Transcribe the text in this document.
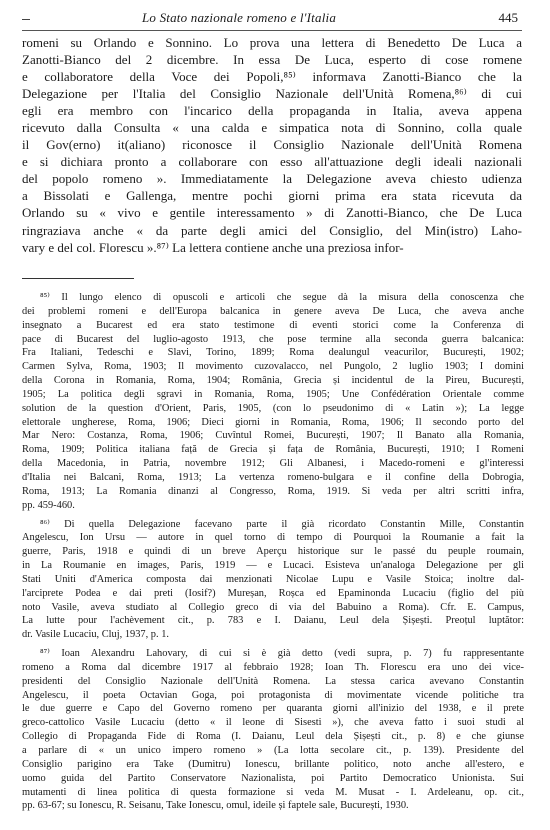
Lo Stato nazionale romeno e l'Italia	445
romeni su Orlando e Sonnino. Lo prova una lettera di Benedetto De Luca a
Zanotti-Bianco del 2 dicembre. In essa De Luca, esperto di cose romene
e collaboratore della Voce dei Popoli,⁸⁵⁾ informava Zanotti-Bianco che la
Delegazione per l'Italia del Consiglio Nazionale dell'Unità Romena,⁸⁶⁾ di cui
egli era membro con l'incarico della propaganda in Italia, aveva appena
ricevuto dalla Consulta « una calda e simpatica nota di Sonnino, colla quale
il Gov(erno) it(aliano) riconosce il Consiglio Nazionale dell'Unità Romena
e si dichiara pronto a collaborare con esso all'attuazione degli ideali nazionali
del popolo romeno ». Immediatamente la Delegazione aveva chiesto udienza
a Bissolati e Gallenga, mentre pochi giorni prima era stata ricevuta da
Orlando su « vivo e gentile interessamento » di Zanotti-Bianco, che De Luca
ringraziava anche « da parte degli amici del Consiglio, del Min(istro) Laho-
vary e del col. Florescu ».⁸⁷⁾ La lettera contiene anche una preziosa infor-
⁸⁵⁾ Il lungo elenco di opuscoli e articoli che segue dà la misura della conoscenza che
dei problemi romeni e dell'Europa balcanica in genere aveva De Luca, che aveva anche
insegnato a Bucarest ed era stato testimone di eventi storici come la Conferenza di
pace di Bucarest del luglio-agosto 1913, che pose termine alla seconda guerra balcanica:
Fra Italiani, Tedeschi e Slavi, Torino, 1899; Roma dealungul veacurilor, București, 1902;
Carmen Sylva, Roma, 1903; Il movimento cuzovalacco, nel Pungolo, 2 luglio 1903; I domini
della Corona in Romania, Roma, 1904; România, Grecia și incidentul de la Pireu, București,
1905; La politica degli sgravi in Romania, Roma, 1905; Une Confédération Orientale comme
solution de la question d'Orient, Paris, 1905, (con lo pseudonimo di « Latin »); La legge
elettorale ungherese, Roma, 1906; Dieci giorni in Romania, Roma, 1906; Il secondo porto del
Mar Nero: Costanza, Roma, 1906; Cuvîntul Romei, București, 1907; Il Banato alla Romania,
Roma, 1909; Politica italiana față de Grecia și fața de România, București, 1910; I Romeni
della Macedonia, in Patria, novembre 1912; Gli Albanesi, i Macedo-romeni e gl'interessi
d'Italia nei Balcani, Roma, 1913; La vertenza romeno-bulgara e il confine della Dobrogia,
Roma, 1913; La Romania dinanzi al Congresso, Roma, 1919. Si veda per altri scritti infra,
pp. 459-460.
⁸⁶⁾ Di quella Delegazione facevano parte il già ricordato Constantin Mille, Constantin
Angelescu, Ion Ursu — autore in quel torno di tempo di Pourquoi la Roumanie a fait la
guerre, Paris, 1918 e quindi di un breve Aperçu historique sur le passé du peuple roumain,
in La Roumanie en images, Paris, 1919 — e Lucaci. Esisteva un'analoga Delegazione per gli
Stati Uniti d'America composta dai menzionati Nicolae Lupu e Vasile Stoica; inoltre dal-
l'arciprete Podea e dai preti (Iosif?) Mureșan, Roșca ed Epaminonda Lucaciu (figlio del più
noto Vasile, aveva studiato al Collegio greco di via del Babuino a Roma). Cfr. E. Campus,
La lutte pour l'achèvement cit., p. 783 e I. Daianu, Leul dela Șișești. Preoțul luptător:
dr. Vasile Lucaciu, Cluj, 1937, p. 1.
⁸⁷⁾ Ioan Alexandru Lahovary, di cui si è già detto (vedi supra, p. 7) fu rappresentante
romeno a Roma dal dicembre 1917 al febbraio 1928; Ioan Th. Florescu era uno dei vice-
presidenti del Consiglio Nazionale dell'Unità Romena. La stessa carica avevano Constantin
Angelescu, il poeta Octavian Goga, poi protagonista di movimentate vicende politiche tra
le due guerre e Capo del Governo romeno per quaranta giorni all'inizio del 1938, e il prete
greco-cattolico Vasile Lucaciu (detto « il leone di Sisesti »), che aveva fatto i suoi studi al
Collegio di Propaganda Fide di Roma (I. Daianu, Leul dela Șișești cit., p. 8) e che giunse
a parlare di « un unico impero romeno » (La lotta secolare cit., p. 139). Presidente del
Consiglio parigino era Take (Dumitru) Ionescu, brillante politico, noto anche all'estero, e
uomo guida del Partito Conservatore Nazionalista, poi Partito Democratico Unionista. Sui
mutamenti di linea politica di questa formazione si veda M. Musat - I. Ardeleanu, op. cit.,
pp. 63-67; su Ionescu, R. Seisanu, Take Ionescu, omul, ideile și faptele sale, București, 1930.
